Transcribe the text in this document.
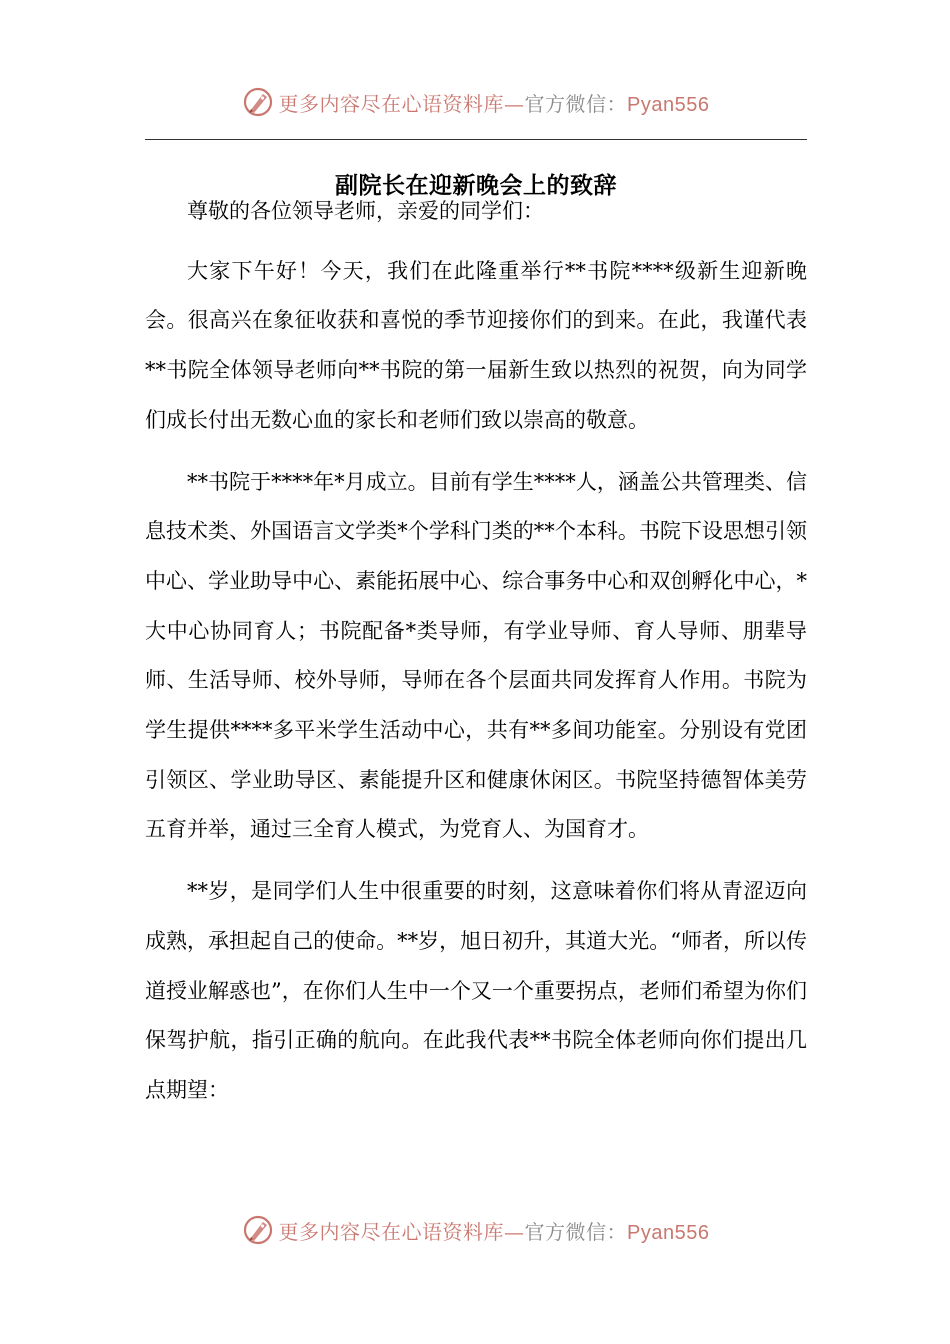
更多内容尽在心语资料库—官方微信：Pyan556
副院长在迎新晚会上的致辞

尊敬的各位领导老师，亲爱的同学们：

大家下午好！今天，我们在此隆重举行**书院****级新生迎新晚会。很高兴在象征收获和喜悦的季节迎接你们的到来。在此，我谨代表**书院全体领导老师向**书院的第一届新生致以热烈的祝贺，向为同学们成长付出无数心血的家长和老师们致以崇高的敬意。

**书院于****年*月成立。目前有学生****人，涵盖公共管理类、信息技术类、外国语言文学类*个学科门类的**个本科。书院下设思想引领中心、学业助导中心、素能拓展中心、综合事务中心和双创孵化中心，*大中心协同育人；书院配备*类导师，有学业导师、育人导师、朋辈导师、生活导师、校外导师，导师在各个层面共同发挥育人作用。书院为学生提供****多平米学生活动中心，共有**多间功能室。分别设有党团引领区、学业助导区、素能提升区和健康休闲区。书院坚持德智体美劳五育并举，通过三全育人模式，为党育人、为国育才。

**岁，是同学们人生中很重要的时刻，这意味着你们将从青涩迈向成熟，承担起自己的使命。**岁，旭日初升，其道大光。“师者，所以传道授业解惑也”，在你们人生中一个又一个重要拐点，老师们希望为你们保驾护航，指引正确的航向。在此我代表**书院全体老师向你们提出几点期望：

更多内容尽在心语资料库—官方微信：Pyan556
